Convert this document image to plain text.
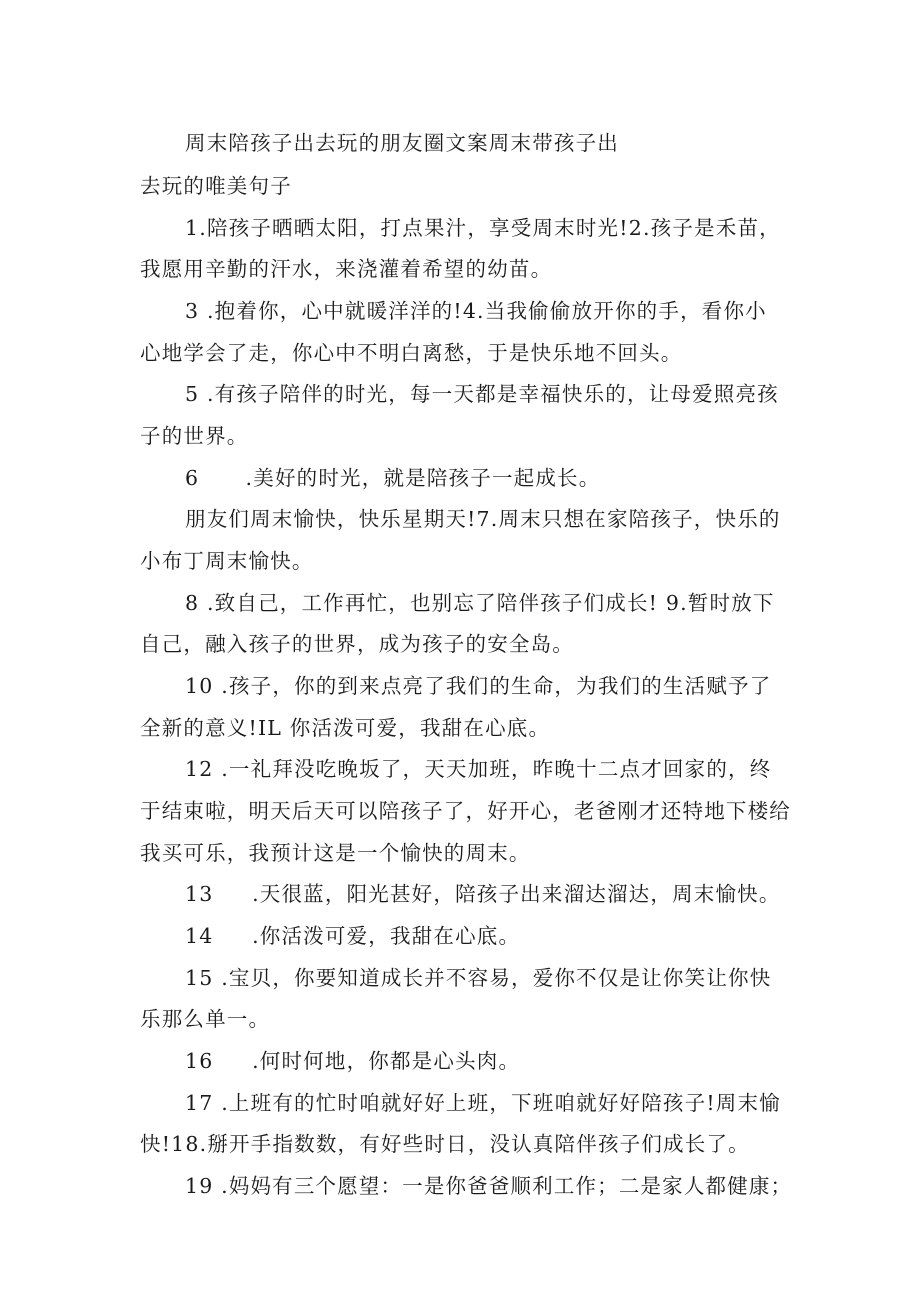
周末陪孩子出去玩的朋友圈文案周末带孩子出
去玩的唯美句子
1.陪孩子晒晒太阳，打点果汁，享受周末时光!2.孩子是禾苗，
我愿用辛勤的汗水，来浇灌着希望的幼苗。
3 .抱着你，心中就暖洋洋的!4.当我偷偷放开你的手，看你小
心地学会了走，你心中不明白离愁，于是快乐地不回头。
5 .有孩子陪伴的时光，每一天都是幸福快乐的，让母爱照亮孩
子的世界。
6      .美好的时光，就是陪孩子一起成长。
朋友们周末愉快，快乐星期天!7.周末只想在家陪孩子，快乐的
小布丁周末愉快。
8 .致自己，工作再忙，也别忘了陪伴孩子们成长! 9.暂时放下
自己，融入孩子的世界，成为孩子的安全岛。
10 .孩子，你的到来点亮了我们的生命，为我们的生活赋予了
全新的意义!IL 你活泼可爱，我甜在心底。
12 .一礼拜没吃晚坂了，天天加班，昨晚十二点才回家的，终
于结束啦，明天后天可以陪孩子了，好开心，老爸刚才还特地下楼给
我买可乐，我预计这是一个愉快的周末。
13     .天很蓝，阳光甚好，陪孩子出来溜达溜达，周末愉快。
14     .你活泼可爱，我甜在心底。
15 .宝贝，你要知道成长并不容易，爱你不仅是让你笑让你快
乐那么单一。
16     .何时何地，你都是心头肉。
17 .上班有的忙时咱就好好上班，下班咱就好好陪孩子!周末愉
快!18.掰开手指数数，有好些时日，没认真陪伴孩子们成长了。
19 .妈妈有三个愿望：一是你爸爸顺利工作；二是家人都健康；
